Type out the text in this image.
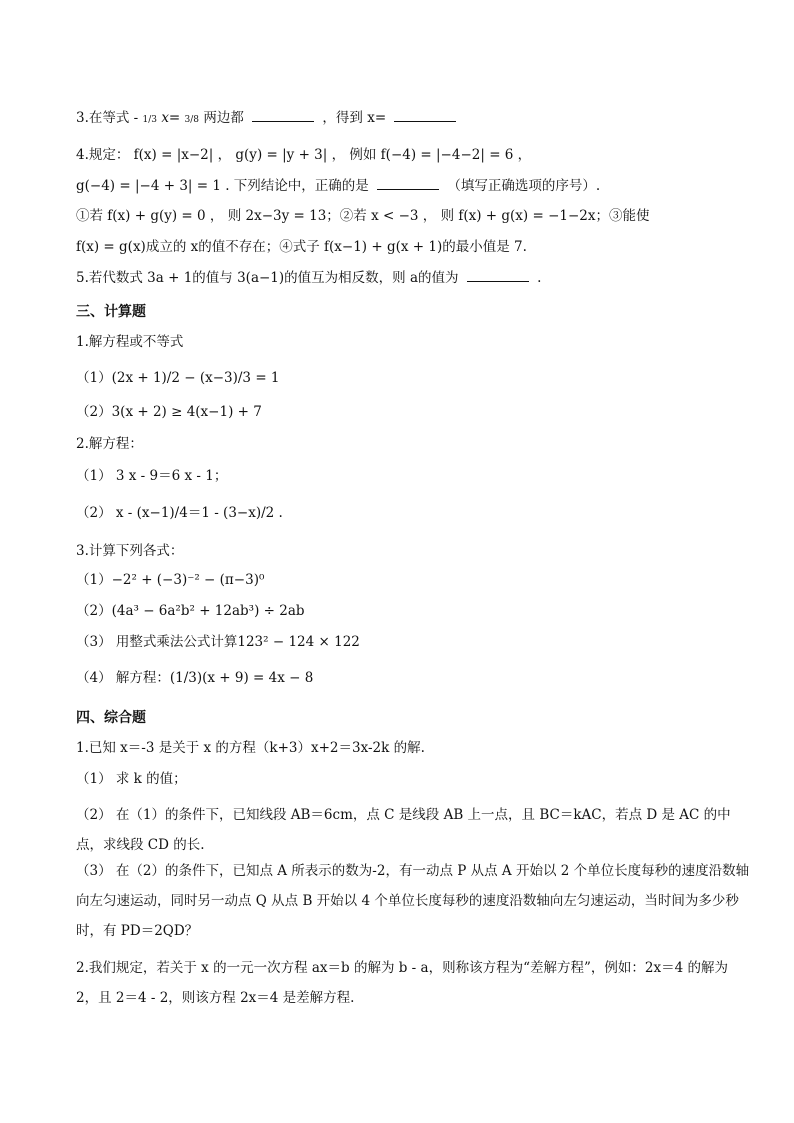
3.在等式 - 1/3 x= 3/8 两边都	，得到 x=
4.规定： f(x) = |x−2| ， g(y) = |y + 3| ， 例如 f(−4) = |−4−2| = 6 ，
g(−4) = |−4 + 3| = 1 . 下列结论中，正确的是	（填写正确选项的序号）.
①若 f(x) + g(y) = 0 ， 则 2x−3y = 13；②若 x < −3 ， 则 f(x) + g(x) = −1−2x；③能使
f(x) = g(x)成立的 x的值不存在；④式子 f(x−1) + g(x + 1)的最小值是 7.
5.若代数式 3a + 1的值与 3(a−1)的值互为相反数，则 a的值为	.
三、计算题
1.解方程或不等式
（1）(2x + 1)/2 − (x−3)/3 = 1
（2）3(x + 2) ≥ 4(x−1) + 7
2.解方程：
（1） 3 x - 9＝6 x - 1；
（2） x - (x−1)/4＝1 - (3−x)/2 .
3.计算下列各式：
（1）−2² + (−3)⁻² − (π−3)⁰
（2）(4a³ − 6a²b² + 12ab³) ÷ 2ab
（3） 用整式乘法公式计算123² − 124 × 122
（4） 解方程：(1/3)(x + 9) = 4x − 8
四、综合题
1.已知 x＝-3 是关于 x 的方程（k+3）x+2＝3x-2k 的解.
（1） 求 k 的值；
（2） 在（1）的条件下，已知线段 AB＝6cm，点 C 是线段 AB 上一点，且 BC＝kAC，若点 D 是 AC 的中点，求线段 CD 的长.
（3） 在（2）的条件下，已知点 A 所表示的数为-2，有一动点 P 从点 A 开始以 2 个单位长度每秒的速度沿数轴向左匀速运动，同时另一动点 Q 从点 B 开始以 4 个单位长度每秒的速度沿数轴向左匀速运动，当时间为多少秒时，有 PD＝2QD？
2.我们规定，若关于 x 的一元一次方程 ax＝b 的解为 b - a，则称该方程为“差解方程”，例如：2x＝4 的解为 2，且 2＝4 - 2，则该方程 2x＝4 是差解方程.
